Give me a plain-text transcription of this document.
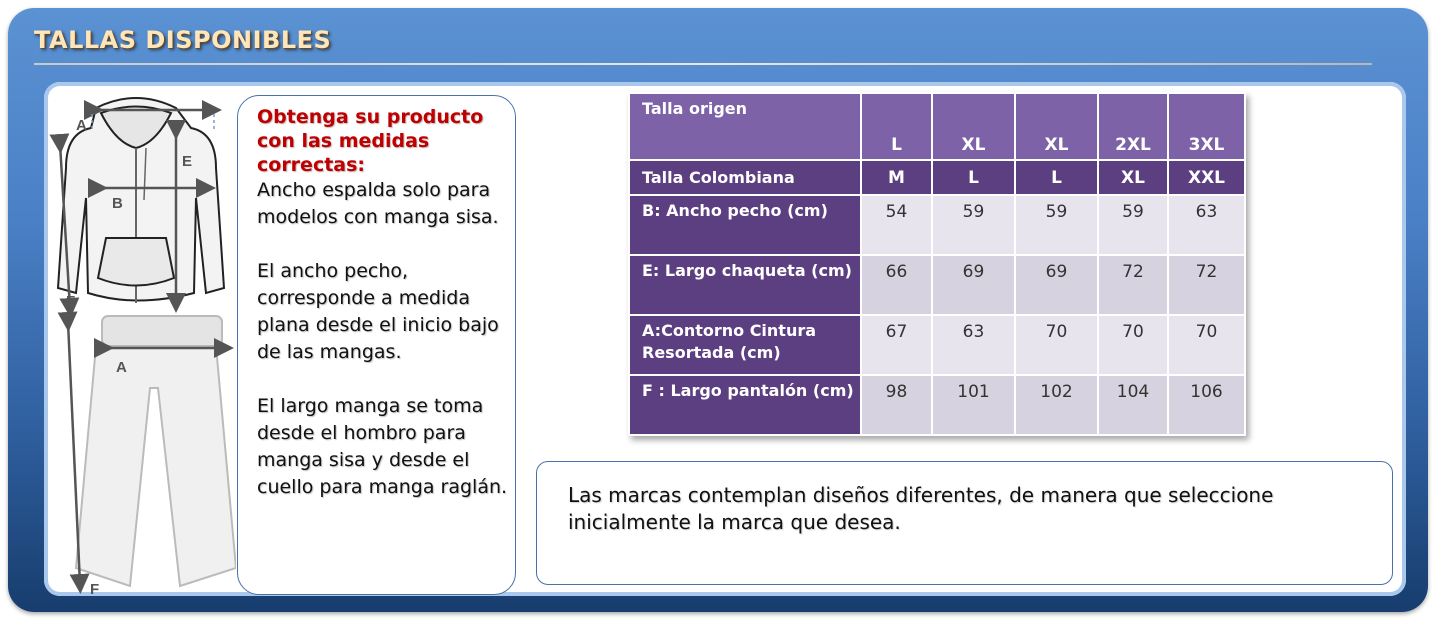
TALLAS DISPONIBLES
A
B
E
F
A
F
Obtenga su producto con las medidas correctas:
Ancho espalda solo para modelos con manga sisa.
El ancho pecho, corresponde a medida plana desde el inicio bajo de las mangas.
El largo manga se toma desde el hombro para manga sisa y desde el cuello para manga raglán.
Talla origen	L	XL	XL	2XL	3XL
Talla Colombiana	M	L	L	XL	XXL
B: Ancho pecho (cm)	54	59	59	59	63
E: Largo chaqueta (cm)	66	69	69	72	72
A:Contorno Cintura Resortada (cm)	67	63	70	70	70
F : Largo pantalón (cm)	98	101	102	104	106
Las marcas contemplan diseños diferentes, de manera que seleccione inicialmente la marca que desea.
